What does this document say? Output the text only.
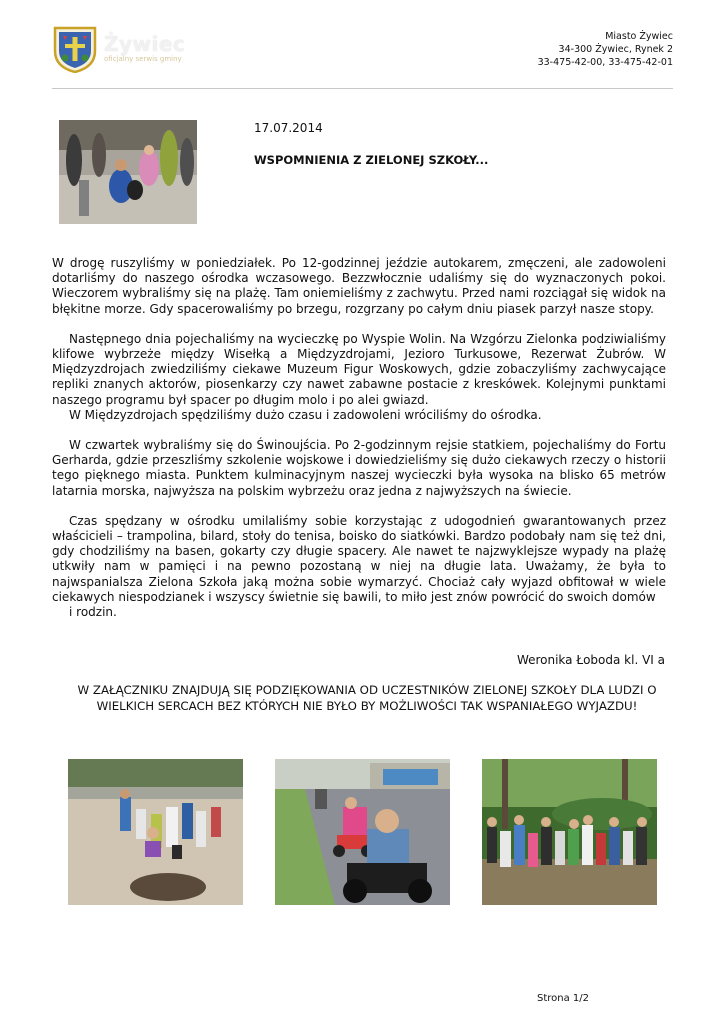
Żywiec
oficjalny serwis gminy
Miasto Żywiec
34-300 Żywiec, Rynek 2
33-475-42-00, 33-475-42-01
17.07.2014
WSPOMNIENIA Z ZIELONEJ SZKOŁY...

W drogę ruszyliśmy w poniedziałek. Po 12-godzinnej jeździe autokarem, zmęczeni, ale zadowoleni dotarliśmy do naszego ośrodka wczasowego. Bezzwłocznie udaliśmy się do wyznaczonych pokoi. Wieczorem wybraliśmy się na plażę. Tam oniemieliśmy z zachwytu. Przed nami rozciągał się widok na błękitne morze. Gdy spacerowaliśmy po brzegu, rozgrzany po całym dniu piasek parzył nasze stopy.

Następnego dnia pojechaliśmy na wycieczkę po Wyspie Wolin. Na Wzgórzu Zielonka podziwialiśmy klifowe wybrzeże między Wisełką a Międzyzdrojami, Jeziorо Turkusowe, Rezerwat Żubrów. W Międzyzdrojach zwiedziliśmy ciekawe Muzeum Figur Woskowych, gdzie zobaczyliśmy zachwycające repliki znanych aktorów, piosenkarzy czy nawet zabawne postacie z kreskówek. Kolejnymi punktami naszego programu był spacer po długim molo i po alei gwiazd.

W Międzyzdrojach spędziliśmy dużo czasu i zadowoleni wróciliśmy do ośrodka.

W czwartek wybraliśmy się do Świnoujścia. Po 2-godzinnym rejsie statkiem, pojechaliśmy do Fortu Gerharda, gdzie przeszliśmy szkolenie wojskowe i dowiedzieliśmy się dużo ciekawych rzeczy o historii tego pięknego miasta. Punktem kulminacyjnym naszej wycieczki była wysoka na blisko 65 metrów latarnia morska, najwyższa na polskim wybrzeżu oraz jedna z najwyższych na świecie.

Czas spędzany w ośrodku umilaliśmy sobie korzystając z udogodnień gwarantowanych przez właścicieli – trampolina, bilard, stoły do tenisa, boisko do siatkówki. Bardzo podobały nam się też dni, gdy chodziliśmy na basen, gokarty czy długie spacery. Ale nawet te najzwyklejsze wypady na plażę utkwiły nam w pamięci i na pewno pozostaną w niej na długie lata. Uważamy, że była to najwspanialsza Zielona Szkoła jaką można sobie wymarzyć. Chociaż cały wyjazd obfitował w wiele ciekawych niespodzianek i wszyscy świetnie się bawili, to miło jest znów powrócić do swoich domów

i rodzin.

Weronika Łoboda kl. VI a
W ZAŁĄCZNIKU ZNAJDUJĄ SIĘ PODZIĘKOWANIA OD UCZESTNIKÓW ZIELONEJ SZKOŁY DLA LUDZI O WIELKICH SERCACH BEZ KTÓRYCH NIE BYŁO BY MOŻLIWOŚCI TAK WSPANIAŁEGO WYJAZDU!
Strona 1/2
